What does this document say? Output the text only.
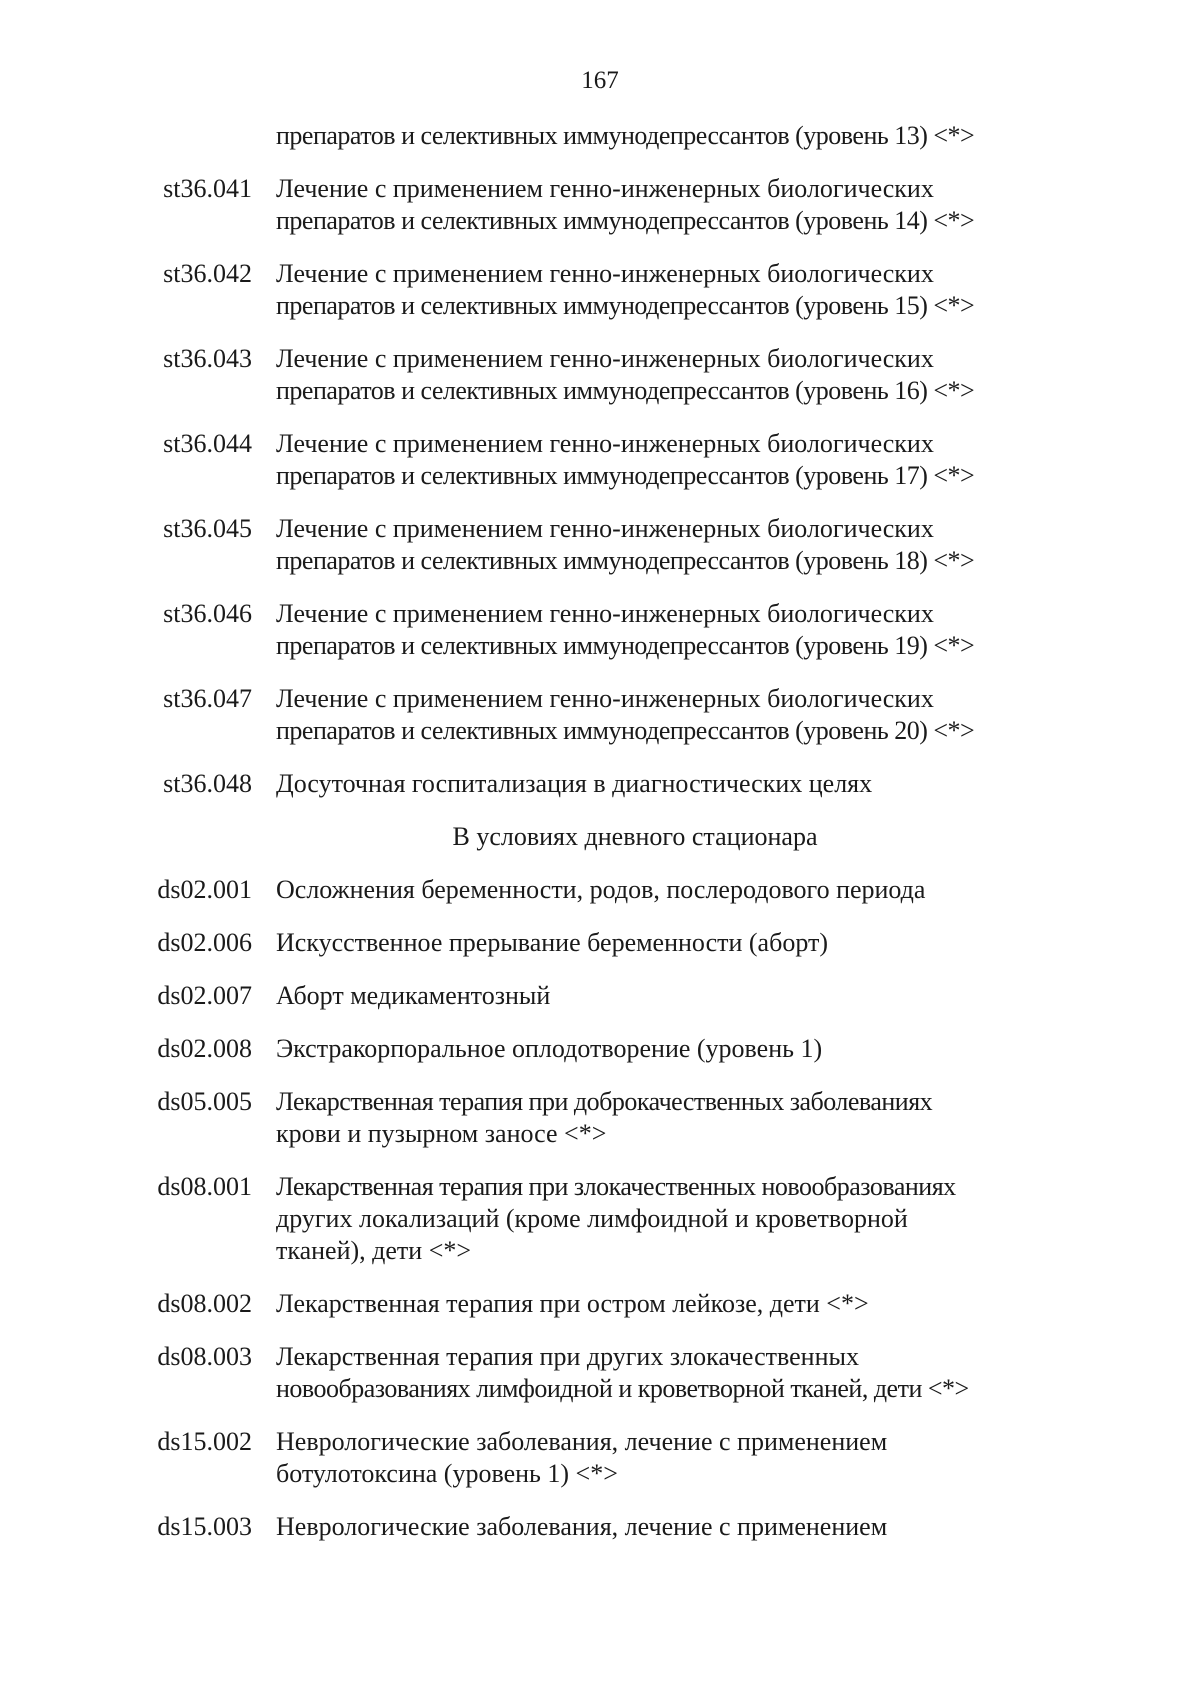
167
препаратов и селективных иммунодепрессантов (уровень 13) <*>
st36.041 Лечение с применением генно-инженерных биологических
препаратов и селективных иммунодепрессантов (уровень 14) <*>
st36.042 Лечение с применением генно-инженерных биологических
препаратов и селективных иммунодепрессантов (уровень 15) <*>
st36.043 Лечение с применением генно-инженерных биологических
препаратов и селективных иммунодепрессантов (уровень 16) <*>
st36.044 Лечение с применением генно-инженерных биологических
препаратов и селективных иммунодепрессантов (уровень 17) <*>
st36.045 Лечение с применением генно-инженерных биологических
препаратов и селективных иммунодепрессантов (уровень 18) <*>
st36.046 Лечение с применением генно-инженерных биологических
препаратов и селективных иммунодепрессантов (уровень 19) <*>
st36.047 Лечение с применением генно-инженерных биологических
препаратов и селективных иммунодепрессантов (уровень 20) <*>
st36.048 Досуточная госпитализация в диагностических целях
В условиях дневного стационара
ds02.001 Осложнения беременности, родов, послеродового периода
ds02.006 Искусственное прерывание беременности (аборт)
ds02.007 Аборт медикаментозный
ds02.008 Экстракорпоральное оплодотворение (уровень 1)
ds05.005 Лекарственная терапия при доброкачественных заболеваниях
крови и пузырном заносе <*>
ds08.001 Лекарственная терапия при злокачественных новообразованиях
других локализаций (кроме лимфоидной и кроветворной
тканей), дети <*>
ds08.002 Лекарственная терапия при остром лейкозе, дети <*>
ds08.003 Лекарственная терапия при других злокачественных
новообразованиях лимфоидной и кроветворной тканей, дети <*>
ds15.002 Неврологические заболевания, лечение с применением
ботулотоксина (уровень 1) <*>
ds15.003 Неврологические заболевания, лечение с применением
